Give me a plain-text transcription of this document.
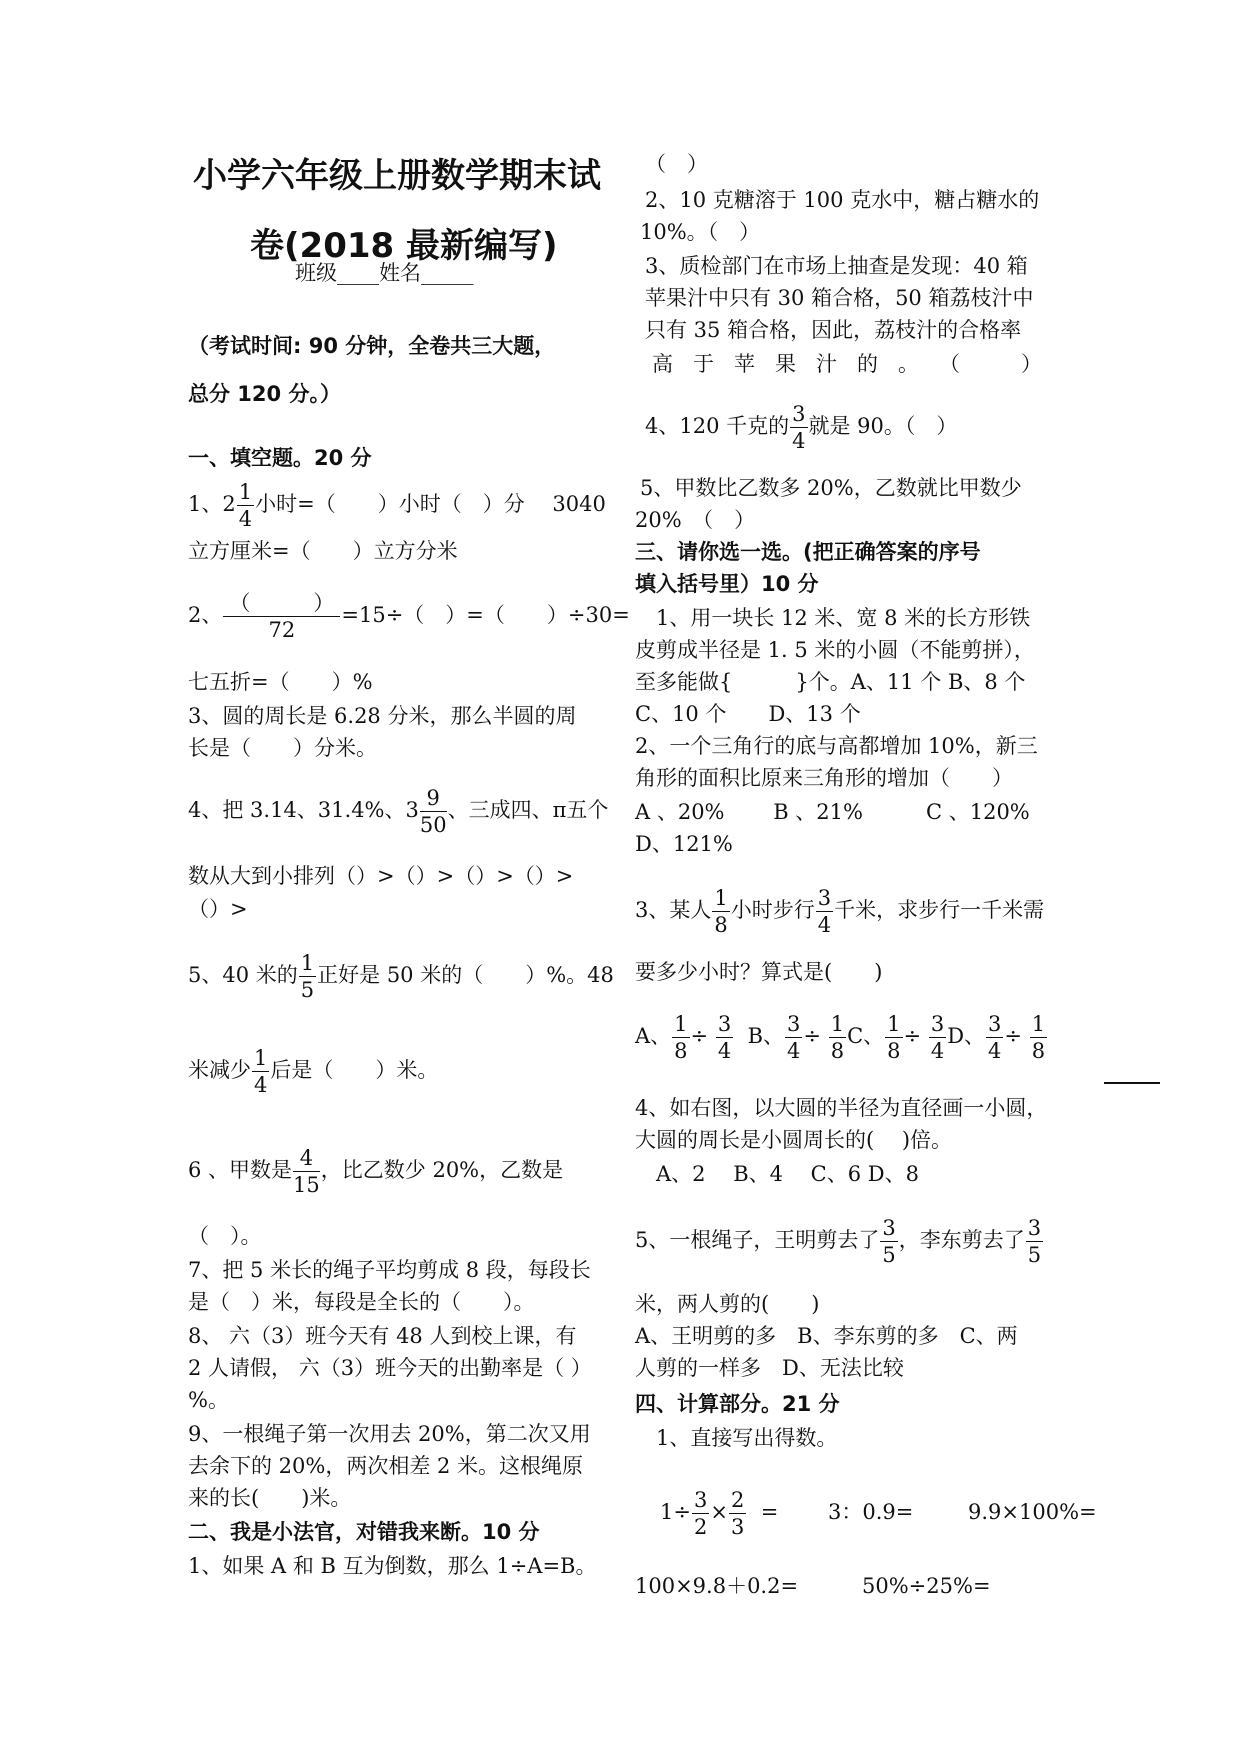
小学六年级上册数学期末试
卷(2018 最新编写)
班级____姓名_____
（考试时间: 90 分钟，全卷共三大题，
总分 120 分。）
一、填空题。20 分
1、$2 \frac{1}{4}$ 小时=（　　）小时（　）分　 3040
立方厘米=（　　）立方分米
2、 $\frac{( )}{72} =15\div$（　）=（　　）÷30=
七五折=（　　）%
3、圆的周长是 6.28 分米，那么半圆的周
长是（　　）分米。
4、把 3.14、31.4%、$3 \frac{9}{50}$ 、三成四、π五个
数从大到小排列（）>（）>（）>（）>
（）>
5、40 米的 $\frac{1}{5}$ 正好是 50 米的（　　）%。48
米减少 $\frac{1}{4}$ 后是（　　）米。
6 、甲数是 $\frac{4}{15}$ ，比乙数少 20%，乙数是
（　）。
7、把 5 米长的绳子平均剪成 8 段，每段长
是（　）米，每段是全长的（　　）。
8、 六（3）班今天有 48 人到校上课，有
2 人请假， 六（3）班今天的出勤率是（ ）
%。
9、一根绳子第一次用去 20%，第二次又用
去余下的 20%，两次相差 2 米。这根绳原
来的长(　　)米。
二、我是小法官，对错我来断。10 分
1、如果 A 和 B 互为倒数，那么 1÷A=B。
（　）
2、10 克糖溶于 100 克水中，糖占糖水的
10%。（　）
3、质检部门在市场上抽查是发现：40 箱
苹果汁中只有 30 箱合格，50 箱荔枝汁中
只有 35 箱合格，因此，荔枝汁的合格率
高 于 苹 果 汁 的 。 （
　	）
4、120 千克的 $\frac{3}{4}$ 就是 90。（　）
5、甲数比乙数多 20%，乙数就比甲数少
20%　（　）
三、请你选一选。(把正确答案的序号
填入括号里）10 分
　1、用一块长 12 米、宽 8 米的长方形铁
皮剪成半径是 1. 5 米的小圆（不能剪拼），
至多能做{　　　}个。A、11 个 B、8 个
C、10 个　　D、13 个
2、一个三角行的底与高都增加 10%，新三
角形的面积比原来三角形的增加（　　）
A 、20%　　 B 、21%　　　C 、120%
D、121%
3、某人 $\frac{1}{8}$ 小时步行 $\frac{3}{4}$ 千米，求步行一千米需
要多少小时？算式是(　　)
A、 $\frac{1}{8} \div \frac{3}{4}$ B、 $\frac{3}{4} \div \frac{1}{8}$ C、 $\frac{1}{8} \div \frac{3}{4}$ D、 $\frac{3}{4} \div \frac{1}{8}$
4、如右图，以大圆的半径为直径画一小圆，
大圆的周长是小圆周长的(　 )倍。
　A、2　 B、4　 C、6 D、8
5、一根绳子，王明剪去了 $\frac{3}{5}$ ，李东剪去了 $\frac{3}{5}$
米，两人剪的(　　)
A、王明剪的多　B、李东剪的多　C、两
人剪的一样多　D、无法比较
四、计算部分。21 分
　1、直接写出得数。
$1\div \frac{3}{2} \times \frac{2}{3} = 3$：0.9=	9.9×100%=
100×9.8＋0.2=	50%÷25%=
